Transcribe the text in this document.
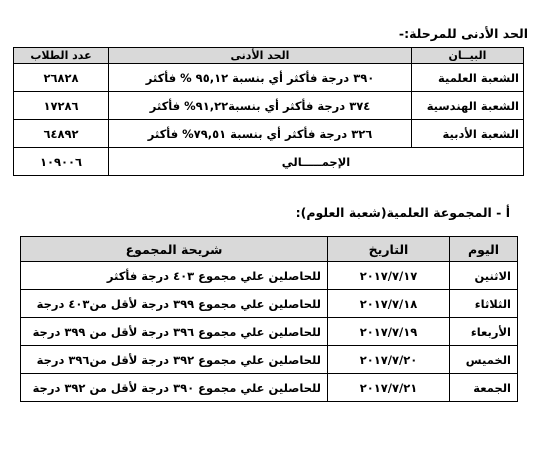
الحد الأدنى للمرحلة:-
البيــان	الحد الأدنى	عدد الطلاب
الشعبة العلمية	٣٩٠ درجة فأكثر أي بنسبة ٩٥,١٢ % فأكثر	٢٦٨٢٨
الشعبة الهندسية	٣٧٤ درجة فأكثر أي بنسبة٩١,٢٢% فأكثر	١٧٢٨٦
الشعبة الأدبية	٣٢٦ درجة فأكثر أي بنسبة ٧٩,٥١% فأكثر	٦٤٨٩٢
الإجمـــــالي		١٠٩٠٠٦
أ - المجموعة العلمية(شعبة العلوم):
اليوم	التاريخ	شريحة المجموع
الاثنين	٢٠١٧/٧/١٧	للحاصلين علي مجموع ٤٠٣ درجة فأكثر
الثلاثاء	٢٠١٧/٧/١٨	للحاصلين علي مجموع ٣٩٩ درجة لأقل من٤٠٣ درجة
الأربعاء	٢٠١٧/٧/١٩	للحاصلين علي مجموع ٣٩٦ درجة لأقل من ٣٩٩ درجة
الخميس	٢٠١٧/٧/٢٠	للحاصلين علي مجموع ٣٩٢ درجة لأقل من٣٩٦ درجة
الجمعة	٢٠١٧/٧/٢١	للحاصلين علي مجموع ٣٩٠ درجة لأقل من ٣٩٢ درجة
